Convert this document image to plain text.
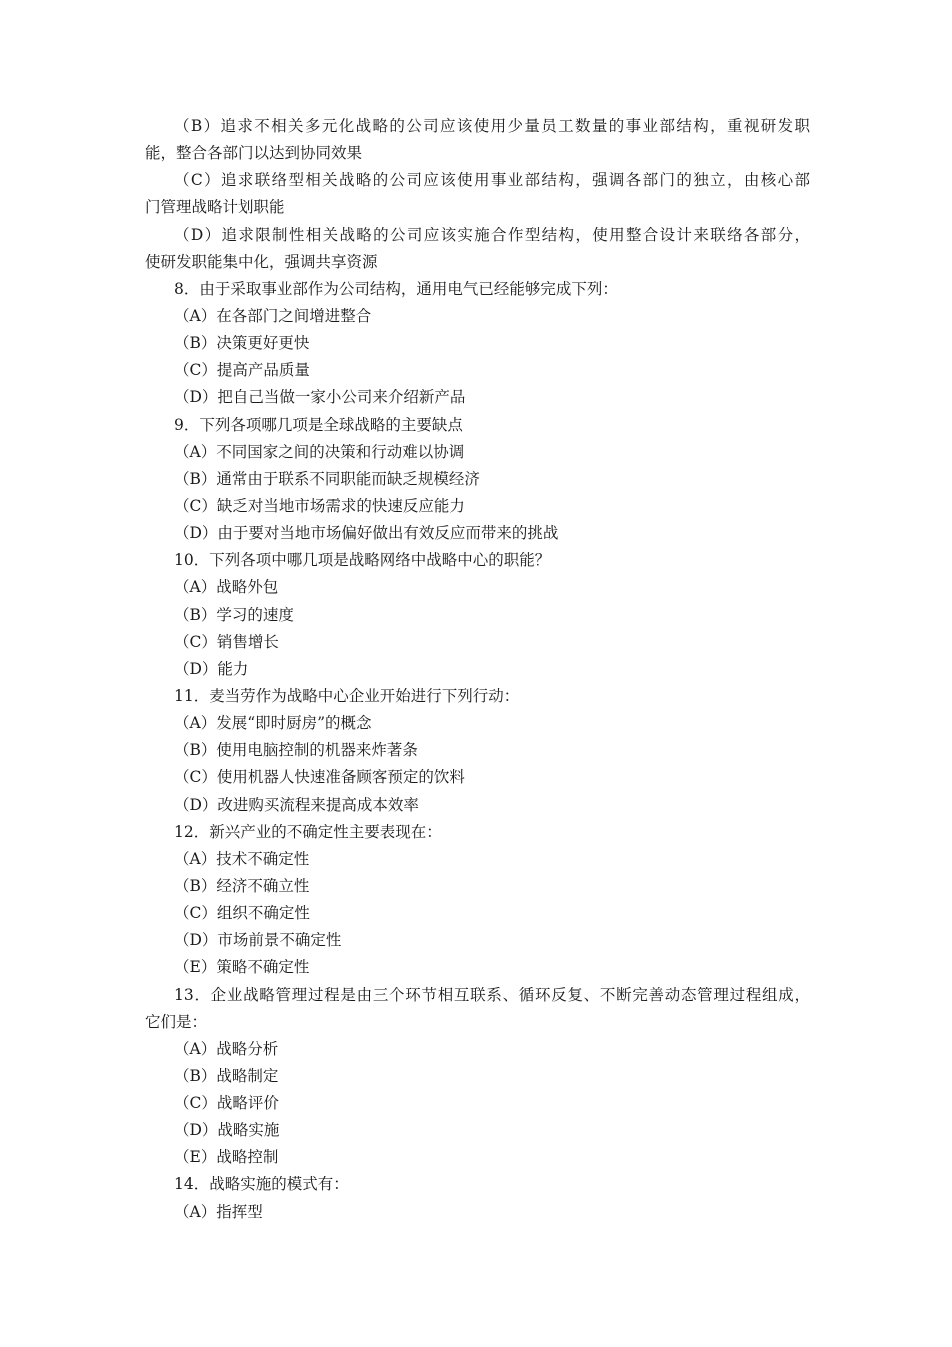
（B）追求不相关多元化战略的公司应该使用少量员工数量的事业部结构，重视研发职
能，整合各部门以达到协同效果
（C）追求联络型相关战略的公司应该使用事业部结构，强调各部门的独立，由核心部
门管理战略计划职能
（D）追求限制性相关战略的公司应该实施合作型结构，使用整合设计来联络各部分，
使研发职能集中化，强调共享资源
8．由于采取事业部作为公司结构，通用电气已经能够完成下列：
（A）在各部门之间增进整合
（B）决策更好更快
（C）提高产品质量
（D）把自己当做一家小公司来介绍新产品
9．下列各项哪几项是全球战略的主要缺点
（A）不同国家之间的决策和行动难以协调
（B）通常由于联系不同职能而缺乏规模经济
（C）缺乏对当地市场需求的快速反应能力
（D）由于要对当地市场偏好做出有效反应而带来的挑战
10．下列各项中哪几项是战略网络中战略中心的职能？
（A）战略外包
（B）学习的速度
（C）销售增长
（D）能力
11．麦当劳作为战略中心企业开始进行下列行动：
（A）发展“即时厨房”的概念
（B）使用电脑控制的机器来炸著条
（C）使用机器人快速准备顾客预定的饮料
（D）改进购买流程来提高成本效率
12．新兴产业的不确定性主要表现在：
（A）技术不确定性
（B）经济不确立性
（C）组织不确定性
（D）市场前景不确定性
（E）策略不确定性
13．企业战略管理过程是由三个环节相互联系、循环反复、不断完善动态管理过程组成，
它们是：
（A）战略分析
（B）战略制定
（C）战略评价
（D）战略实施
（E）战略控制
14．战略实施的模式有：
（A）指挥型
